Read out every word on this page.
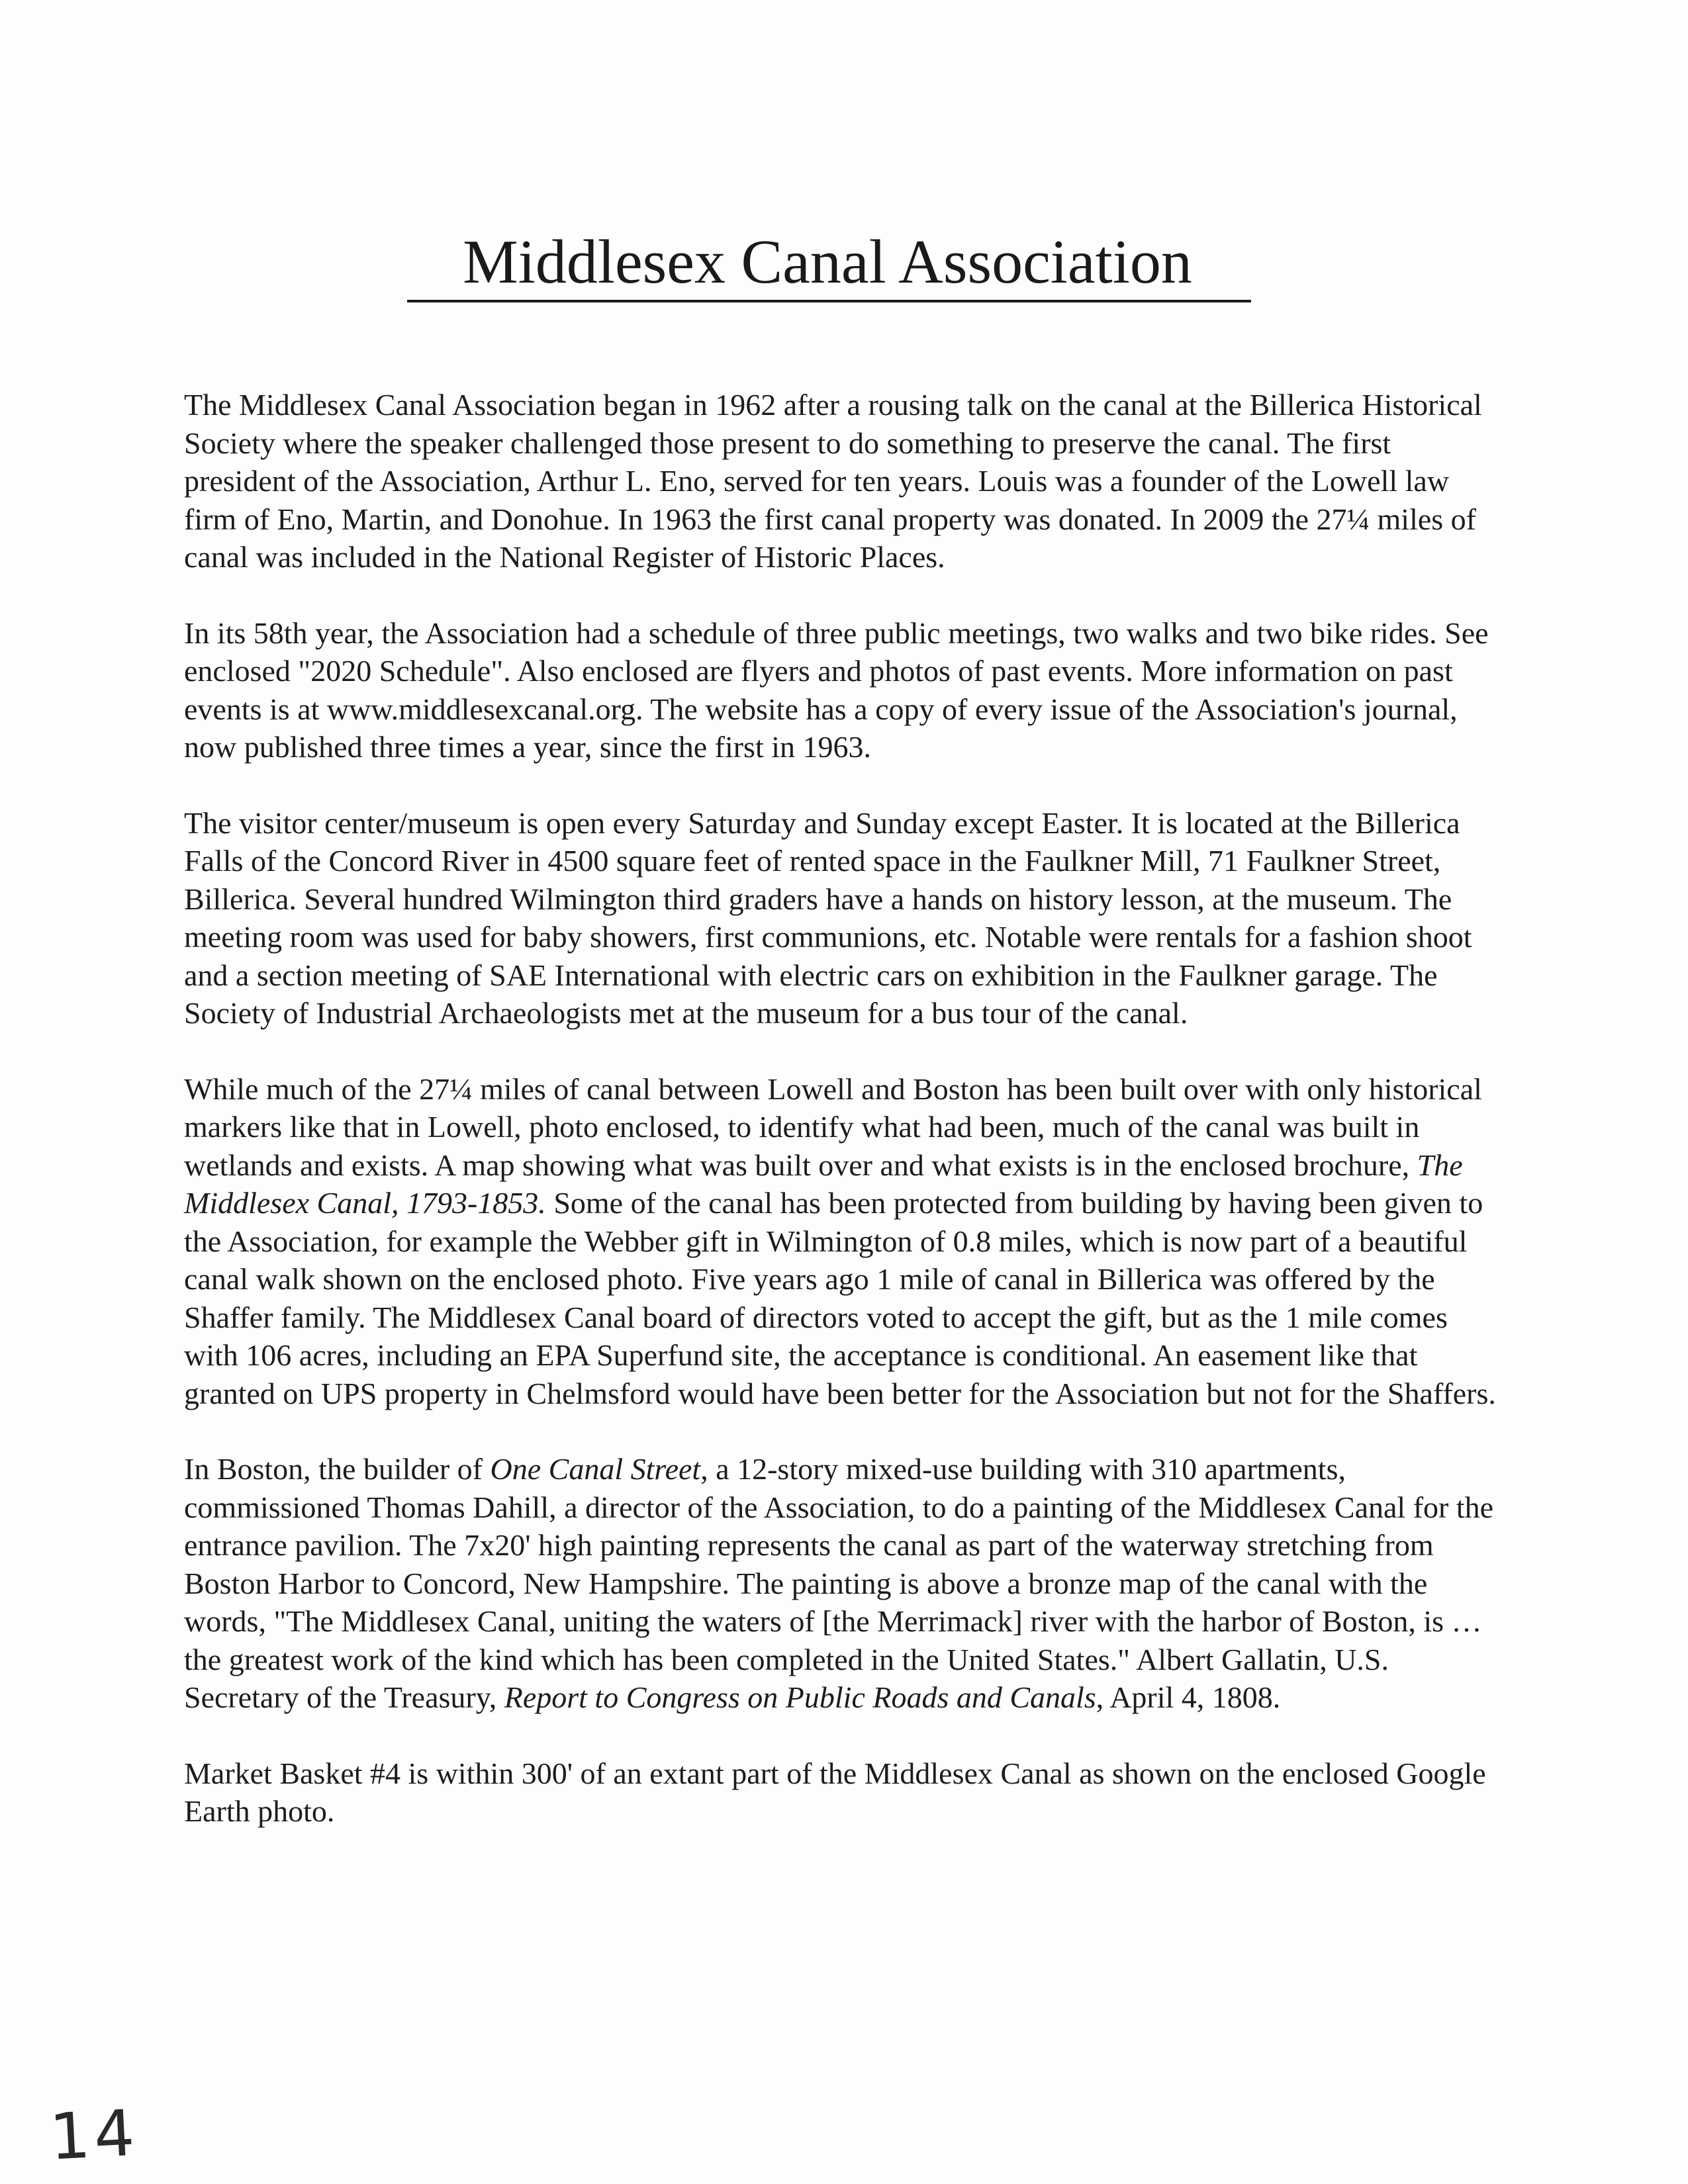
Middlesex Canal Association

The Middlesex Canal Association began in 1962 after a rousing talk on the canal at the Billerica Historical Society where the speaker challenged those present to do something to preserve the canal. The first president of the Association, Arthur L. Eno, served for ten years. Louis was a founder of the Lowell law firm of Eno, Martin, and Donohue. In 1963 the first canal property was donated. In 2009 the 27¼ miles of canal was included in the National Register of Historic Places.

In its 58th year, the Association had a schedule of three public meetings, two walks and two bike rides. See enclosed "2020 Schedule". Also enclosed are flyers and photos of past events. More information on past events is at www.middlesexcanal.org. The website has a copy of every issue of the Association's journal, now published three times a year, since the first in 1963.

The visitor center/museum is open every Saturday and Sunday except Easter. It is located at the Billerica Falls of the Concord River in 4500 square feet of rented space in the Faulkner Mill, 71 Faulkner Street, Billerica. Several hundred Wilmington third graders have a hands on history lesson, at the museum. The meeting room was used for baby showers, first communions, etc. Notable were rentals for a fashion shoot and a section meeting of SAE International with electric cars on exhibition in the Faulkner garage. The Society of Industrial Archaeologists met at the museum for a bus tour of the canal.

While much of the 27¼ miles of canal between Lowell and Boston has been built over with only historical markers like that in Lowell, photo enclosed, to identify what had been, much of the canal was built in wetlands and exists. A map showing what was built over and what exists is in the enclosed brochure, The Middlesex Canal, 1793-1853. Some of the canal has been protected from building by having been given to the Association, for example the Webber gift in Wilmington of 0.8 miles, which is now part of a beautiful canal walk shown on the enclosed photo. Five years ago 1 mile of canal in Billerica was offered by the Shaffer family. The Middlesex Canal board of directors voted to accept the gift, but as the 1 mile comes with 106 acres, including an EPA Superfund site, the acceptance is conditional. An easement like that granted on UPS property in Chelmsford would have been better for the Association but not for the Shaffers.

In Boston, the builder of One Canal Street, a 12-story mixed-use building with 310 apartments, commissioned Thomas Dahill, a director of the Association, to do a painting of the Middlesex Canal for the entrance pavilion. The 7x20' high painting represents the canal as part of the waterway stretching from Boston Harbor to Concord, New Hampshire. The painting is above a bronze map of the canal with the words, "The Middlesex Canal, uniting the waters of [the Merrimack] river with the harbor of Boston, is … the greatest work of the kind which has been completed in the United States." Albert Gallatin, U.S. Secretary of the Treasury, Report to Congress on Public Roads and Canals, April 4, 1808.

Market Basket #4 is within 300' of an extant part of the Middlesex Canal as shown on the enclosed Google Earth photo.

14
